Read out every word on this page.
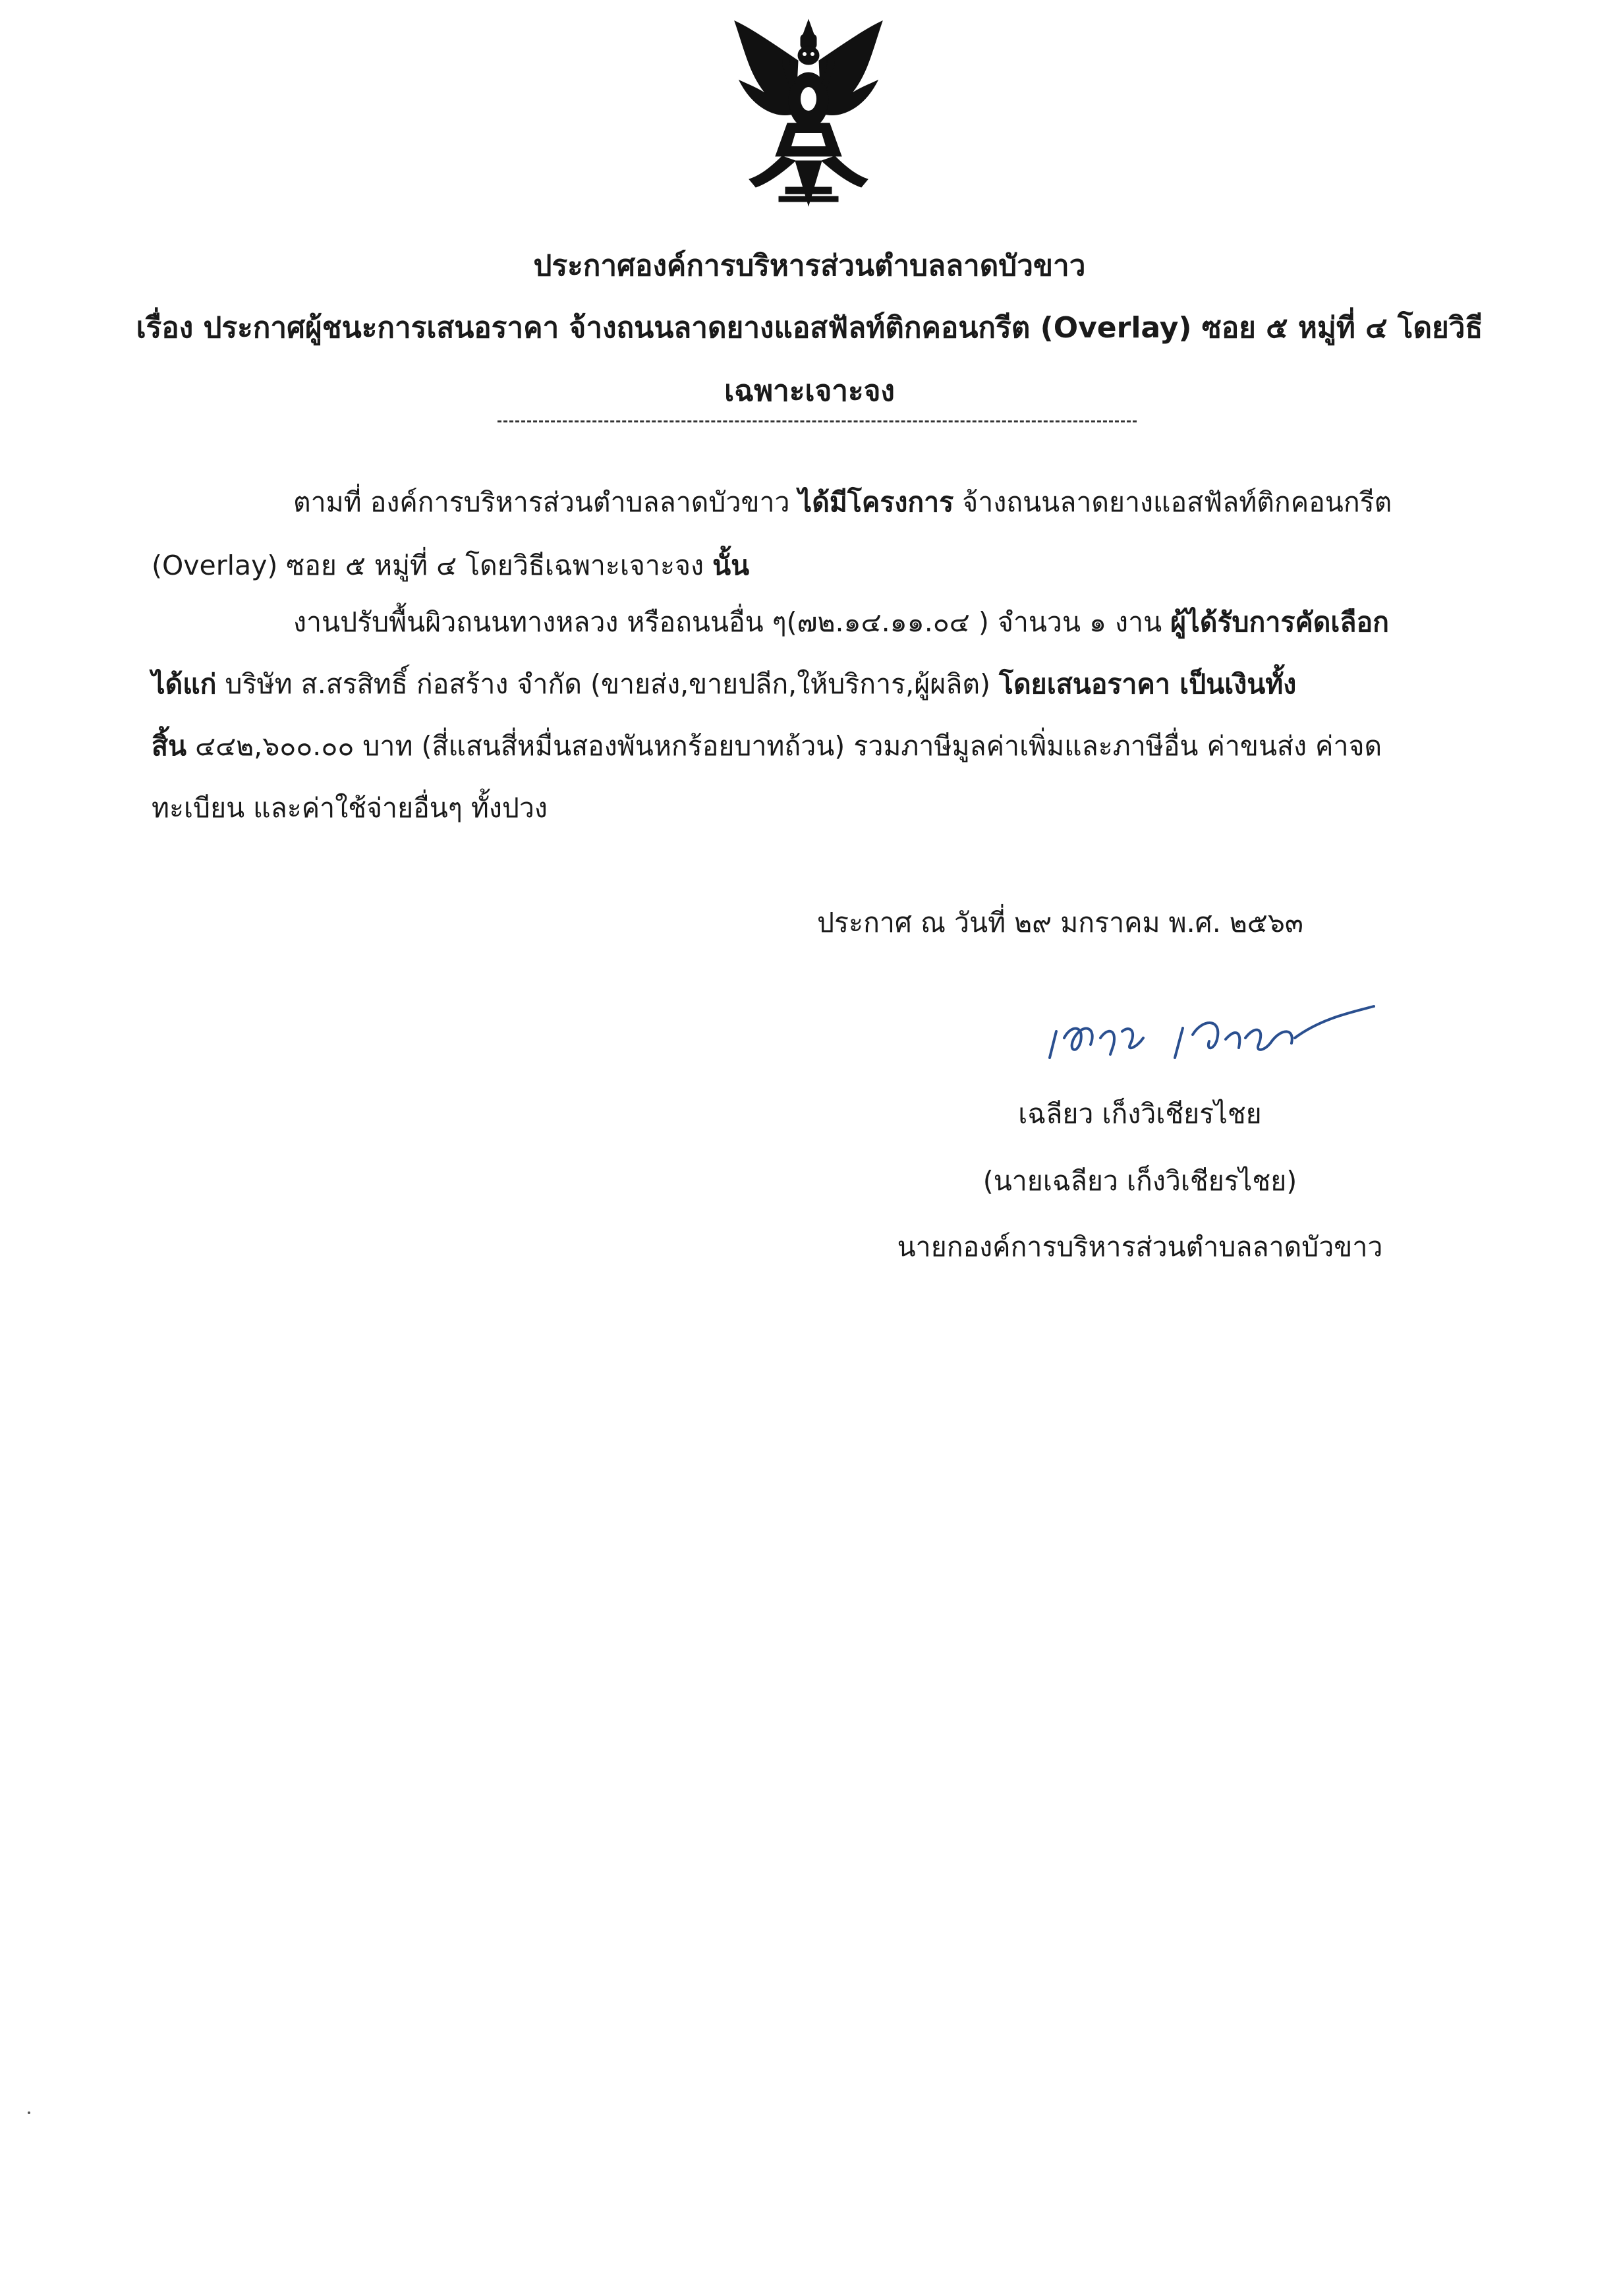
ประกาศองค์การบริหารส่วนตำบลลาดบัวขาว
เรื่อง ประกาศผู้ชนะการเสนอราคา จ้างถนนลาดยางแอสฟัลท์ติกคอนกรีต (Overlay) ซอย ๕ หมู่ที่ ๔ โดยวิธี
เฉพาะเจาะจง
ตามที่ องค์การบริหารส่วนตำบลลาดบัวขาว ได้มีโครงการ จ้างถนนลาดยางแอสฟัลท์ติกคอนกรีต
(Overlay) ซอย ๕ หมู่ที่ ๔ โดยวิธีเฉพาะเจาะจง นั้น
งานปรับพื้นผิวถนนทางหลวง หรือถนนอื่น ๆ(๗๒.๑๔.๑๑.๐๔ ) จำนวน ๑ งาน ผู้ได้รับการคัดเลือก
ได้แก่ บริษัท ส.สรสิทธิ์ ก่อสร้าง จำกัด (ขายส่ง,ขายปลีก,ให้บริการ,ผู้ผลิต) โดยเสนอราคา เป็นเงินทั้ง
สิ้น ๔๔๒,๖๐๐.๐๐ บาท (สี่แสนสี่หมื่นสองพันหกร้อยบาทถ้วน) รวมภาษีมูลค่าเพิ่มและภาษีอื่น ค่าขนส่ง ค่าจด
ทะเบียน และค่าใช้จ่ายอื่นๆ ทั้งปวง
ประกาศ ณ วันที่ ๒๙ มกราคม พ.ศ. ๒๕๖๓
เฉลียว เก็งวิเชียรไชย
(นายเฉลียว เก็งวิเชียรไชย)
นายกองค์การบริหารส่วนตำบลลาดบัวขาว
